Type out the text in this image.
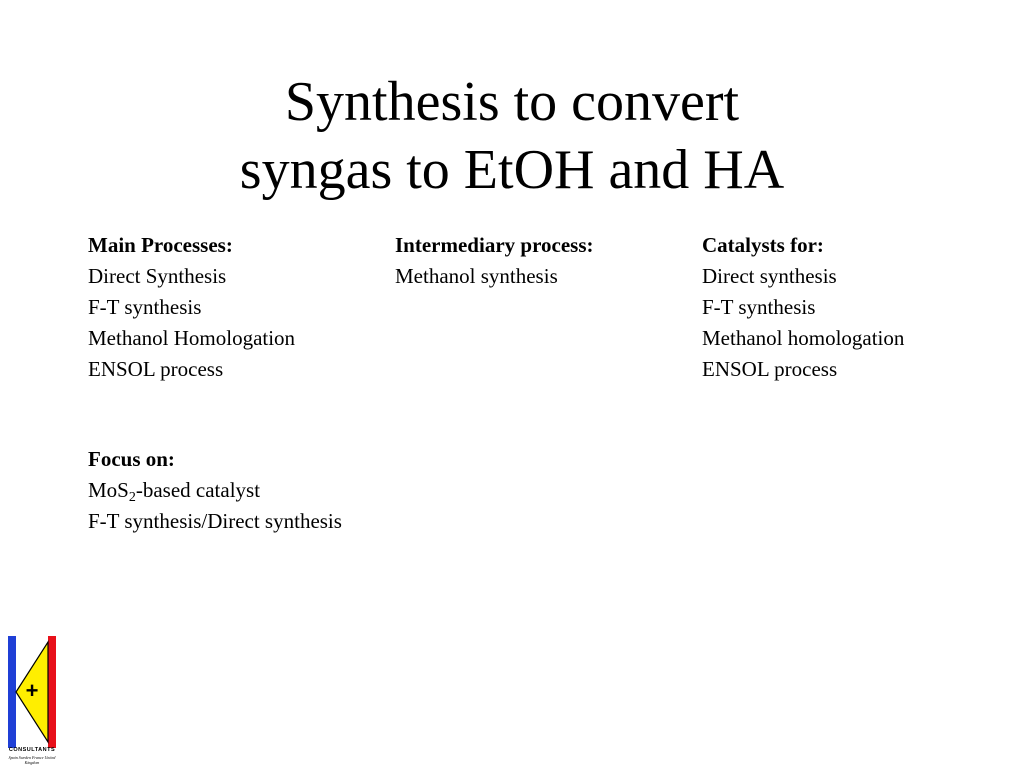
Synthesis to convert
syngas to EtOH and HA
Main Processes:
Direct Synthesis
F-T synthesis
Methanol Homologation
ENSOL process
Intermediary process:
Methanol synthesis
Catalysts for:
Direct synthesis
F-T synthesis
Methanol homologation
ENSOL process
Focus on:
MoS$_2$-based catalyst
F-T synthesis/Direct synthesis
+
CONSULTANTS
Spain Sweden France United Kingdom
